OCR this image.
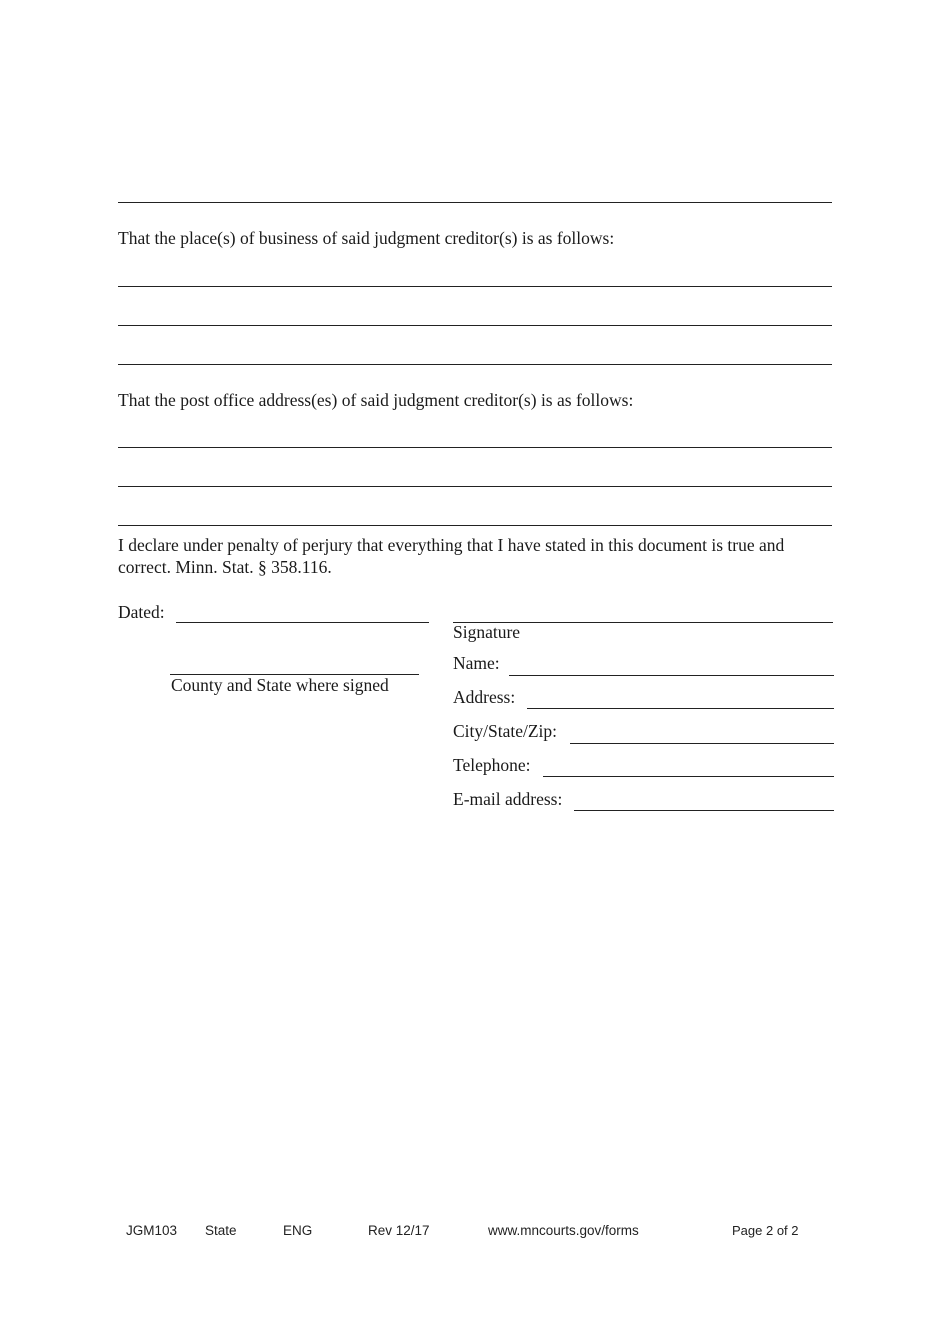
That the place(s) of business of said judgment creditor(s) is as follows:
That the post office address(es) of said judgment creditor(s) is as follows:
I declare under penalty of perjury that everything that I have stated in this document is true and correct. Minn. Stat. § 358.116.
Dated:
County and State where signed
Signature
Name:
Address:
City/State/Zip:
Telephone:
E-mail address:
JGM103 State	ENG	Rev 12/17	www.mncourts.gov/forms	Page 2 of 2
